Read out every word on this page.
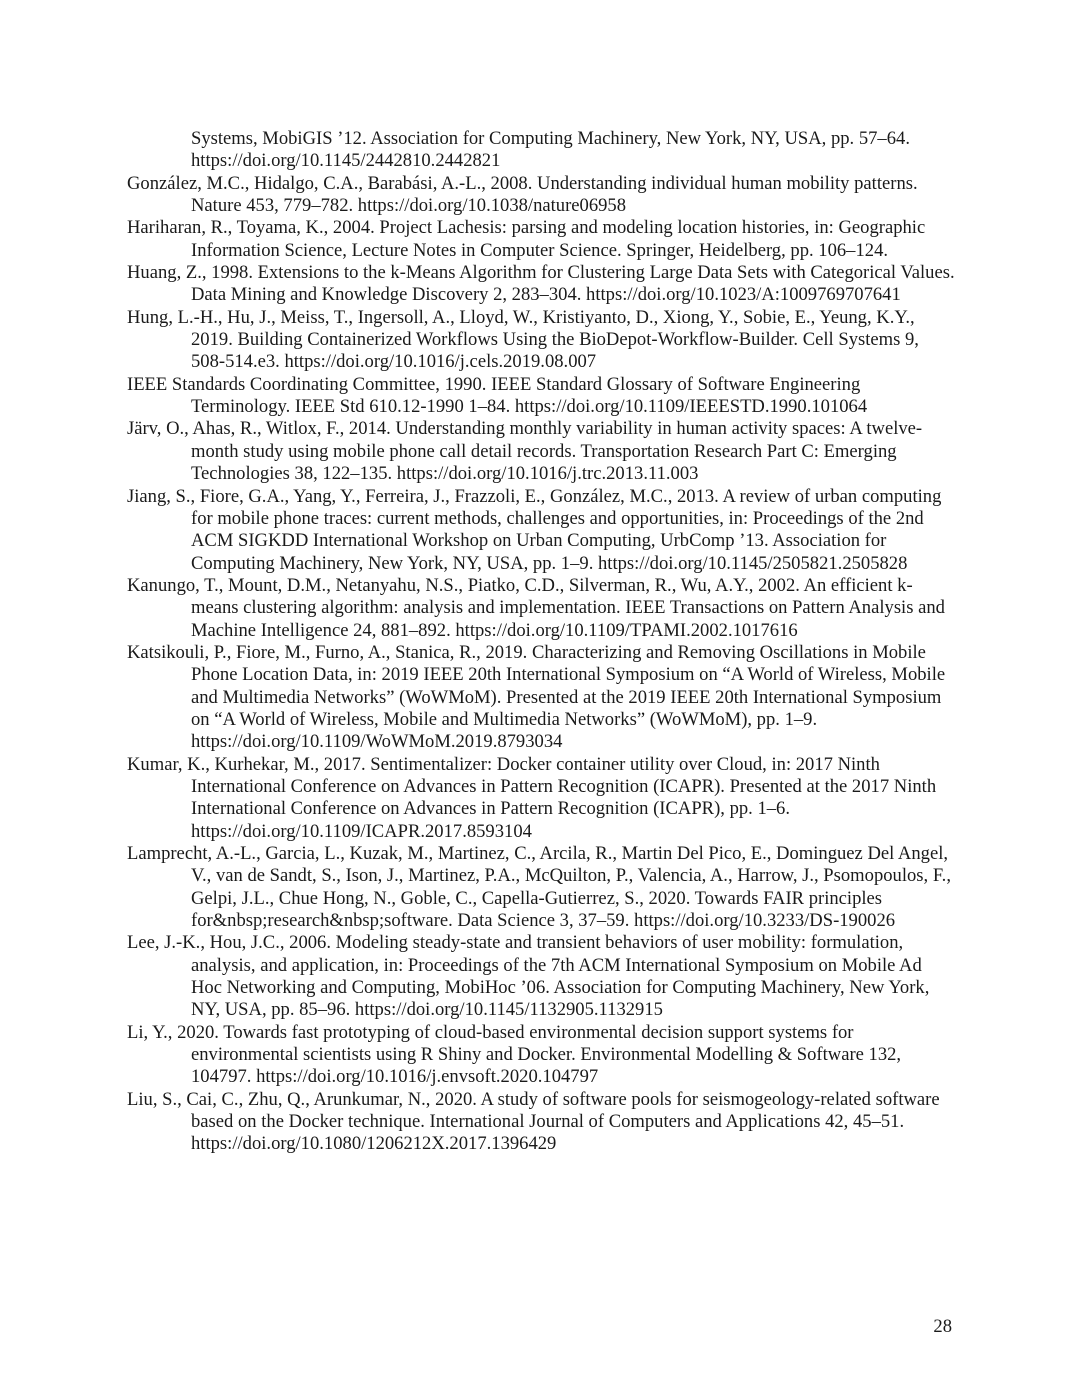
Systems, MobiGIS ’12. Association for Computing Machinery, New York, NY, USA, pp. 57–64. https://doi.org/10.1145/2442810.2442821

González, M.C., Hidalgo, C.A., Barabási, A.-L., 2008. Understanding individual human mobility patterns. Nature 453, 779–782. https://doi.org/10.1038/nature06958

Hariharan, R., Toyama, K., 2004. Project Lachesis: parsing and modeling location histories, in: Geographic Information Science, Lecture Notes in Computer Science. Springer, Heidelberg, pp. 106–124.

Huang, Z., 1998. Extensions to the k-Means Algorithm for Clustering Large Data Sets with Categorical Values. Data Mining and Knowledge Discovery 2, 283–304. https://doi.org/10.1023/A:1009769707641

Hung, L.-H., Hu, J., Meiss, T., Ingersoll, A., Lloyd, W., Kristiyanto, D., Xiong, Y., Sobie, E., Yeung, K.Y., 2019. Building Containerized Workflows Using the BioDepot-Workflow-Builder. Cell Systems 9, 508-514.e3. https://doi.org/10.1016/j.cels.2019.08.007

IEEE Standards Coordinating Committee, 1990. IEEE Standard Glossary of Software Engineering Terminology. IEEE Std 610.12-1990 1–84. https://doi.org/10.1109/IEEESTD.1990.101064

Järv, O., Ahas, R., Witlox, F., 2014. Understanding monthly variability in human activity spaces: A twelve-month study using mobile phone call detail records. Transportation Research Part C: Emerging Technologies 38, 122–135. https://doi.org/10.1016/j.trc.2013.11.003

Jiang, S., Fiore, G.A., Yang, Y., Ferreira, J., Frazzoli, E., González, M.C., 2013. A review of urban computing for mobile phone traces: current methods, challenges and opportunities, in: Proceedings of the 2nd ACM SIGKDD International Workshop on Urban Computing, UrbComp ’13. Association for Computing Machinery, New York, NY, USA, pp. 1–9. https://doi.org/10.1145/2505821.2505828

Kanungo, T., Mount, D.M., Netanyahu, N.S., Piatko, C.D., Silverman, R., Wu, A.Y., 2002. An efficient k-means clustering algorithm: analysis and implementation. IEEE Transactions on Pattern Analysis and Machine Intelligence 24, 881–892. https://doi.org/10.1109/TPAMI.2002.1017616

Katsikouli, P., Fiore, M., Furno, A., Stanica, R., 2019. Characterizing and Removing Oscillations in Mobile Phone Location Data, in: 2019 IEEE 20th International Symposium on “A World of Wireless, Mobile and Multimedia Networks” (WoWMoM). Presented at the 2019 IEEE 20th International Symposium on “A World of Wireless, Mobile and Multimedia Networks” (WoWMoM), pp. 1–9. https://doi.org/10.1109/WoWMoM.2019.8793034

Kumar, K., Kurhekar, M., 2017. Sentimentalizer: Docker container utility over Cloud, in: 2017 Ninth International Conference on Advances in Pattern Recognition (ICAPR). Presented at the 2017 Ninth International Conference on Advances in Pattern Recognition (ICAPR), pp. 1–6. https://doi.org/10.1109/ICAPR.2017.8593104

Lamprecht, A.-L., Garcia, L., Kuzak, M., Martinez, C., Arcila, R., Martin Del Pico, E., Dominguez Del Angel, V., van de Sandt, S., Ison, J., Martinez, P.A., McQuilton, P., Valencia, A., Harrow, J., Psomopoulos, F., Gelpi, J.L., Chue Hong, N., Goble, C., Capella-Gutierrez, S., 2020. Towards FAIR principles for&nbsp;research&nbsp;software. Data Science 3, 37–59. https://doi.org/10.3233/DS-190026

Lee, J.-K., Hou, J.C., 2006. Modeling steady-state and transient behaviors of user mobility: formulation, analysis, and application, in: Proceedings of the 7th ACM International Symposium on Mobile Ad Hoc Networking and Computing, MobiHoc ’06. Association for Computing Machinery, New York, NY, USA, pp. 85–96. https://doi.org/10.1145/1132905.1132915

Li, Y., 2020. Towards fast prototyping of cloud-based environmental decision support systems for environmental scientists using R Shiny and Docker. Environmental Modelling & Software 132, 104797. https://doi.org/10.1016/j.envsoft.2020.104797

Liu, S., Cai, C., Zhu, Q., Arunkumar, N., 2020. A study of software pools for seismogeology-related software based on the Docker technique. International Journal of Computers and Applications 42, 45–51. https://doi.org/10.1080/1206212X.2017.1396429

28
